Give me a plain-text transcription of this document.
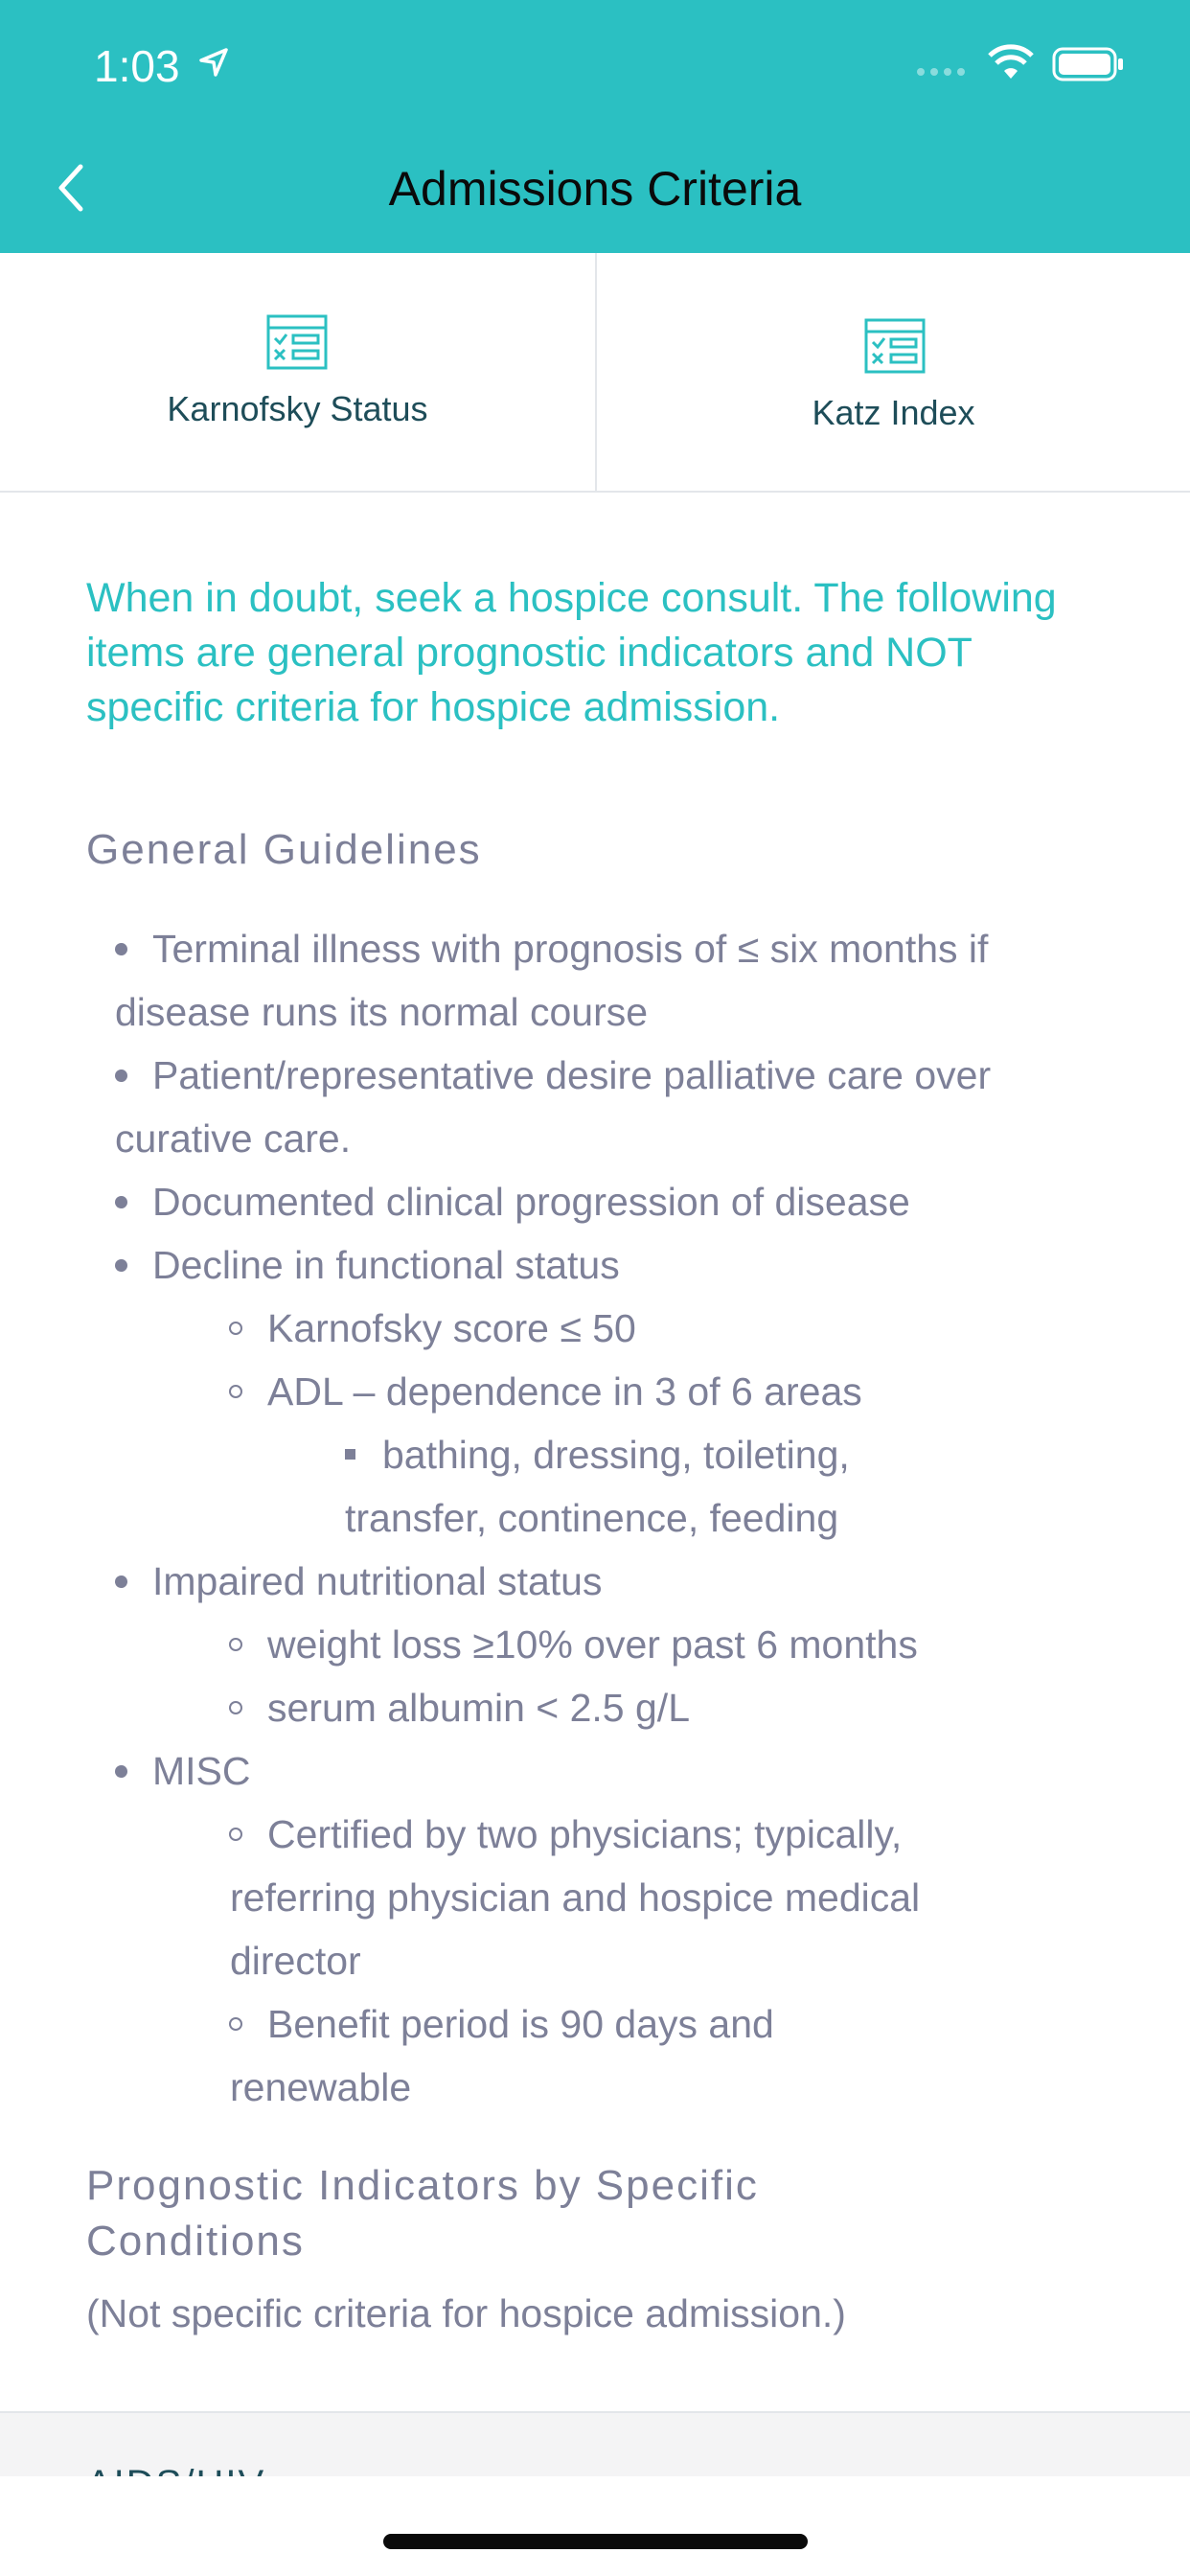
1:03
Admissions Criteria
Karnofsky Status	Katz Index
When in doubt, seek a hospice consult. The following items are general prognostic indicators and NOT specific criteria for hospice admission.
General Guidelines
Terminal illness with prognosis of ≤ six months if
disease runs its normal course
Patient/representative desire palliative care over
curative care.
Documented clinical progression of disease
Decline in functional status
Karnofsky score ≤ 50
ADL – dependence in 3 of 6 areas
bathing, dressing, toileting,
transfer, continence, feeding
Impaired nutritional status
weight loss ≥10% over past 6 months
serum albumin < 2.5 g/L
MISC
Certified by two physicians; typically,
referring physician and hospice medical
director
Benefit period is 90 days and
renewable
Prognostic Indicators by Specific Conditions
(Not specific criteria for hospice admission.)
